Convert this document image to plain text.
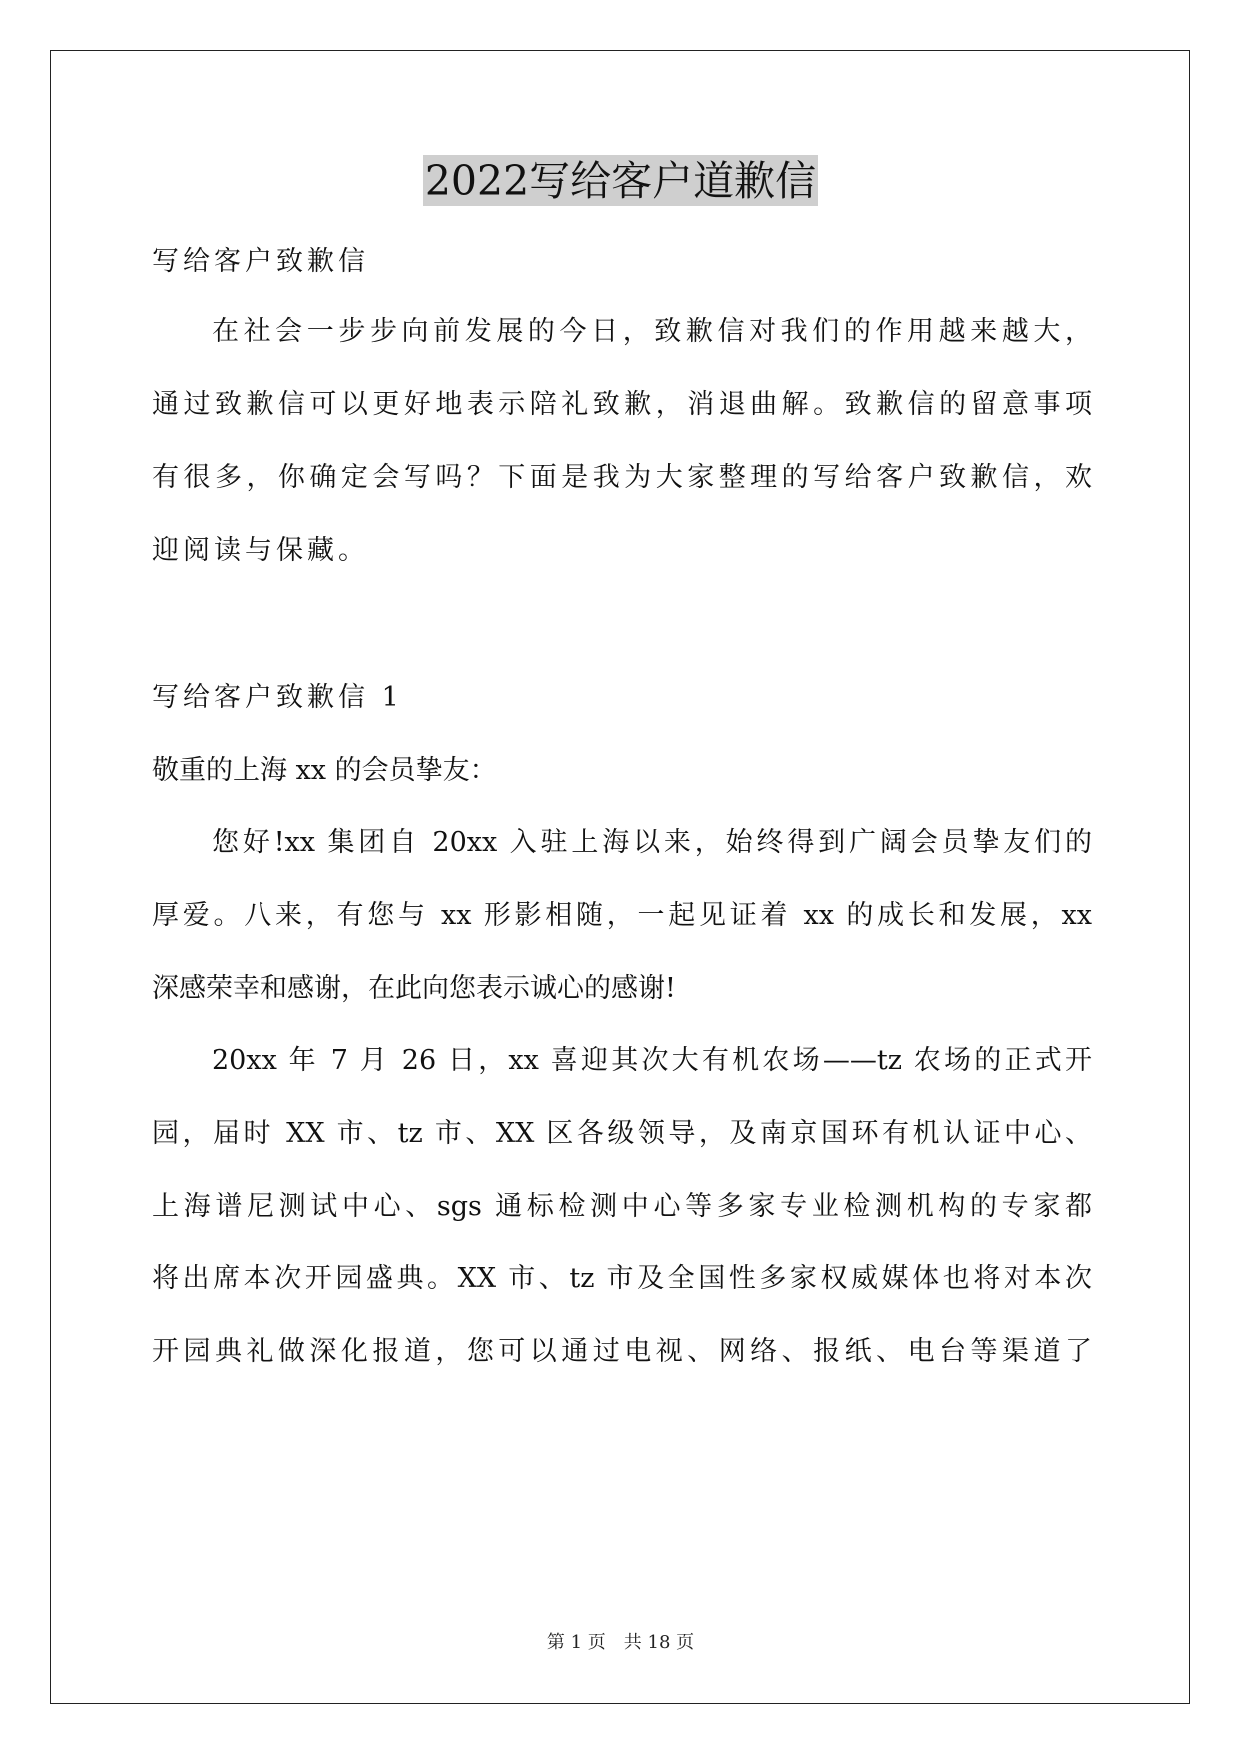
2022写给客户道歉信

写给客户致歉信

在社会一步步向前发展的今日，致歉信对我们的作用越来越大，

通过致歉信可以更好地表示陪礼致歉，消退曲解。致歉信的留意事项

有很多，你确定会写吗？下面是我为大家整理的写给客户致歉信，欢

迎阅读与保藏。

写给客户致歉信 1

敬重的上海 xx 的会员挚友：

您好!xx 集团自 20xx 入驻上海以来，始终得到广阔会员挚友们的

厚爱。八来，有您与 xx 形影相随，一起见证着 xx 的成长和发展，xx

深感荣幸和感谢，在此向您表示诚心的感谢!

20xx 年 7 月 26 日，xx 喜迎其次大有机农场——tz 农场的正式开

园，届时 XX 市、tz 市、XX 区各级领导，及南京国环有机认证中心、

上海谱尼测试中心、sgs 通标检测中心等多家专业检测机构的专家都

将出席本次开园盛典。XX 市、tz 市及全国性多家权威媒体也将对本次

开园典礼做深化报道，您可以通过电视、网络、报纸、电台等渠道了

第 1 页　共 18 页
